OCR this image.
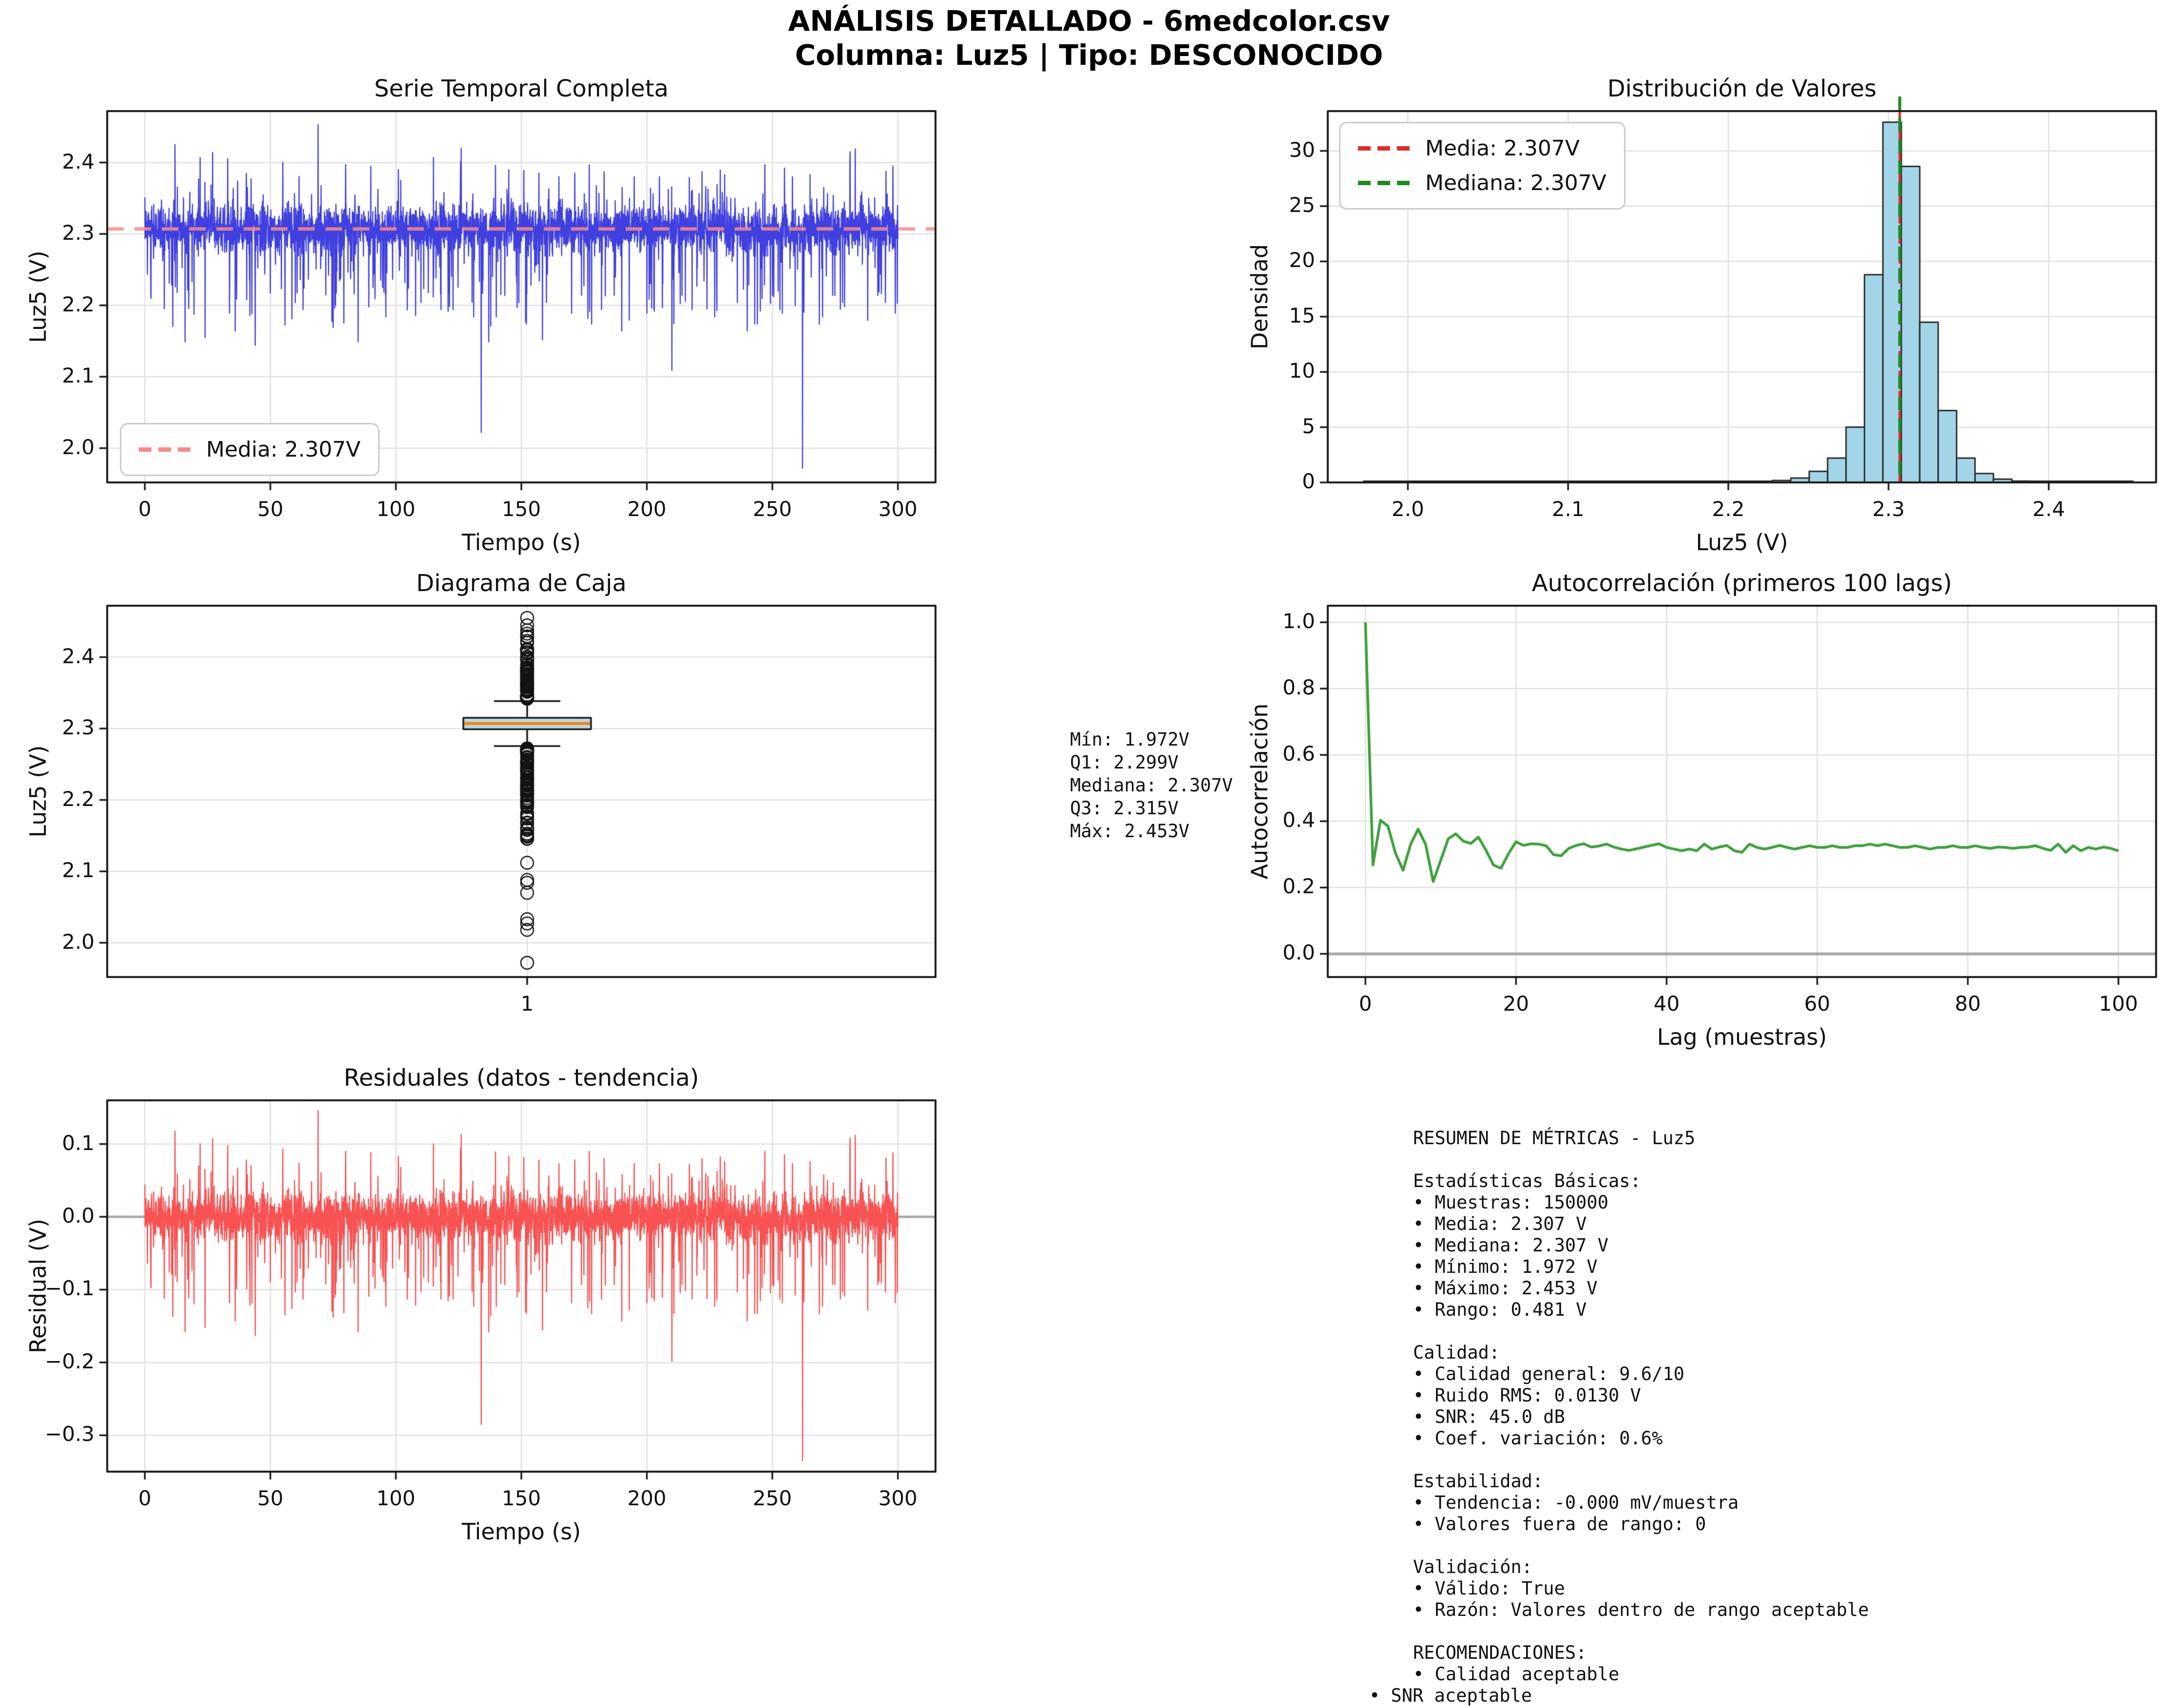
ANÁLISIS DETALLADO - 6medcolor.csv
Columna: Luz5 | Tipo: DESCONOCIDO
Serie Temporal Completa	Distribución de Valores
Diagrama de Caja	Autocorrelación (primeros 100 lags)
Residuales (datos - tendencia)
Tiempo (s)	Luz5 (V)
Lag (muestras)
Tiempo (s)
Luz5 (V)	Densidad
Luz5 (V)	Autocorrelación
Residual (V)
Media: 2.307V
Media: 2.307V
Mediana: 2.307V
Mín: 1.972V
Q1: 2.299V
Mediana: 2.307V
Q3: 2.315V
Máx: 2.453V
RESUMEN DE MÉTRICAS - Luz5

Estadísticas Básicas:
• Muestras: 150000
• Media: 2.307 V
• Mediana: 2.307 V
• Mínimo: 1.972 V
• Máximo: 2.453 V
• Rango: 0.481 V

Calidad:
• Calidad general: 9.6/10
• Ruido RMS: 0.0130 V
• SNR: 45.0 dB
• Coef. variación: 0.6%

Estabilidad:
• Tendencia: -0.000 mV/muestra
• Valores fuera de rango: 0

Validación:
• Válido: True
• Razón: Valores dentro de rango aceptable

RECOMENDACIONES:
• Calidad aceptable
• SNR aceptable
0	50	100	150	200	250	300
2.0
2.1
2.2
2.3
2.4
2.0	2.1	2.2	2.3	2.4
0
5
10
15
20
25
30
1
2.0
2.1
2.2
2.3
2.4
0	20	40	60	80	100
0.0
0.2
0.4
0.6
0.8
1.0
0	50	100	150	200	250	300
0.1
0.0
−0.1
−0.2
−0.3
